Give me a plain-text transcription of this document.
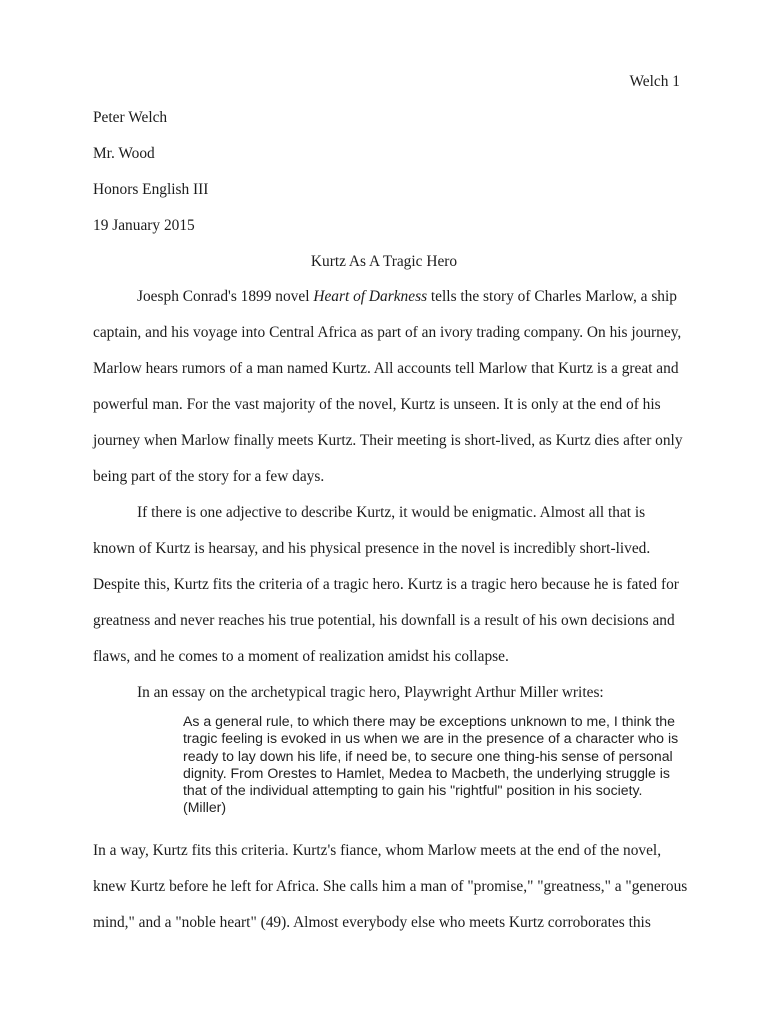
Welch 1
Peter Welch
Mr. Wood
Honors English III
19 January 2015
Kurtz As A Tragic Hero
Joesph Conrad's 1899 novel Heart of Darkness tells the story of Charles Marlow, a ship
captain, and his voyage into Central Africa as part of an ivory trading company. On his journey,
Marlow hears rumors of a man named Kurtz. All accounts tell Marlow that Kurtz is a great and
powerful man. For the vast majority of the novel, Kurtz is unseen. It is only at the end of his
journey when Marlow finally meets Kurtz. Their meeting is short-lived, as Kurtz dies after only
being part of the story for a few days.
If there is one adjective to describe Kurtz, it would be enigmatic. Almost all that is
known of Kurtz is hearsay, and his physical presence in the novel is incredibly short-lived.
Despite this, Kurtz fits the criteria of a tragic hero. Kurtz is a tragic hero because he is fated for
greatness and never reaches his true potential, his downfall is a result of his own decisions and
flaws, and he comes to a moment of realization amidst his collapse.
In an essay on the archetypical tragic hero, Playwright Arthur Miller writes:
As a general rule, to which there may be exceptions unknown to me, I think the
tragic feeling is evoked in us when we are in the presence of a character who is
ready to lay down his life, if need be, to secure one thing-his sense of personal
dignity. From Orestes to Hamlet, Medea to Macbeth, the underlying struggle is
that of the individual attempting to gain his "rightful" position in his society.
(Miller)
In a way, Kurtz fits this criteria. Kurtz's fiance, whom Marlow meets at the end of the novel,
knew Kurtz before he left for Africa. She calls him a man of "promise," "greatness," a "generous
mind," and a "noble heart" (49). Almost everybody else who meets Kurtz corroborates this
